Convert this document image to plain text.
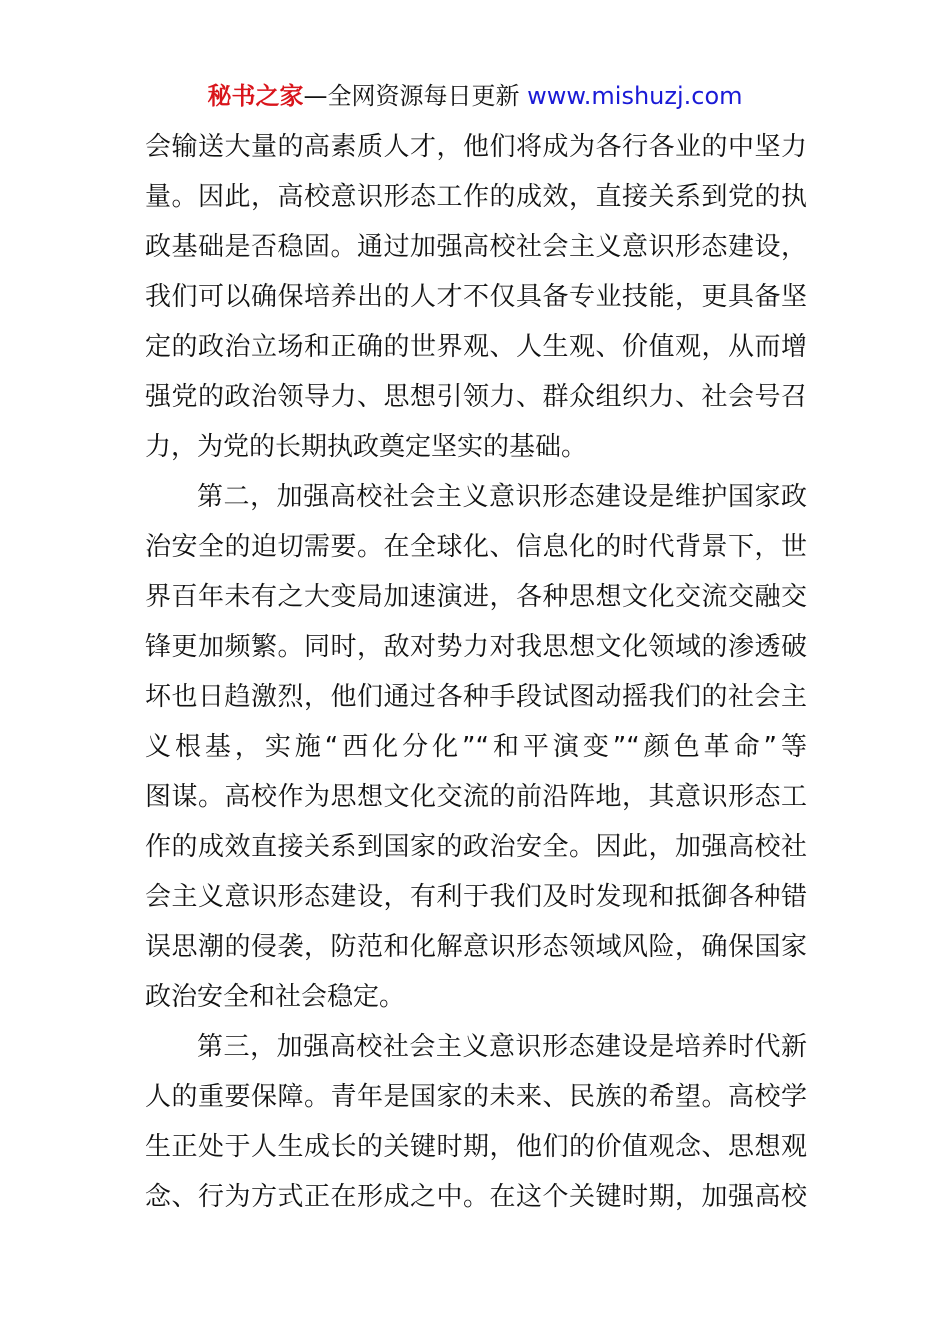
秘书之家—全网资源每日更新 www.mishuzj.com
会输送大量的高素质人才，他们将成为各行各业的中坚力
量。因此，高校意识形态工作的成效，直接关系到党的执
政基础是否稳固。通过加强高校社会主义意识形态建设，
我们可以确保培养出的人才不仅具备专业技能，更具备坚
定的政治立场和正确的世界观、人生观、价值观，从而增
强党的政治领导力、思想引领力、群众组织力、社会号召
力，为党的长期执政奠定坚实的基础。
第二，加强高校社会主义意识形态建设是维护国家政
治安全的迫切需要。在全球化、信息化的时代背景下，世
界百年未有之大变局加速演进，各种思想文化交流交融交
锋更加频繁。同时，敌对势力对我思想文化领域的渗透破
坏也日趋激烈，他们通过各种手段试图动摇我们的社会主
义根基，实施“西化分化”“和平演变”“颜色革命”等
图谋。高校作为思想文化交流的前沿阵地，其意识形态工
作的成效直接关系到国家的政治安全。因此，加强高校社
会主义意识形态建设，有利于我们及时发现和抵御各种错
误思潮的侵袭，防范和化解意识形态领域风险，确保国家
政治安全和社会稳定。
第三，加强高校社会主义意识形态建设是培养时代新
人的重要保障。青年是国家的未来、民族的希望。高校学
生正处于人生成长的关键时期，他们的价值观念、思想观
念、行为方式正在形成之中。在这个关键时期，加强高校
